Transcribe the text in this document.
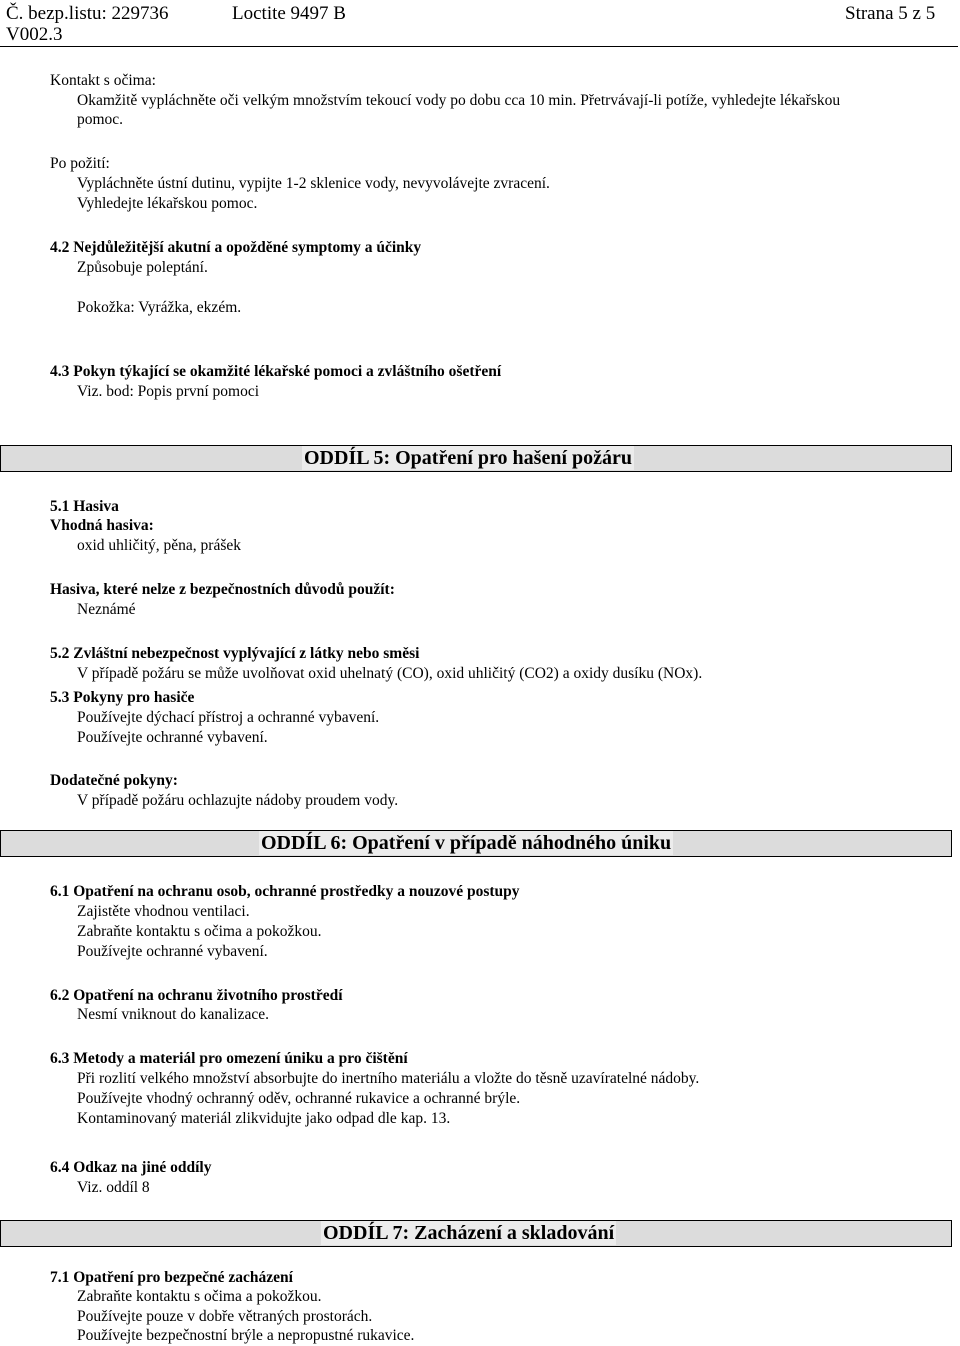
Č. bezp.listu: 229736	Loctite 9497 B	Strana 5 z 5
V002.3
Kontakt s očima:
Okamžitě vypláchněte oči velkým množstvím tekoucí vody po dobu cca 10 min. Přetrvávají-li potíže, vyhledejte lékařskou
pomoc.
Po požití:
Vypláchněte ústní dutinu, vypijte 1-2 sklenice vody, nevyvolávejte zvracení.
Vyhledejte lékařskou pomoc.
4.2 Nejdůležitější akutní a opožděné symptomy a účinky
Způsobuje poleptání.
Pokožka: Vyrážka, ekzém.
4.3 Pokyn týkající se okamžité lékařské pomoci a zvláštního ošetření
Viz. bod: Popis první pomoci
ODDÍL 5: Opatření pro hašení požáru
5.1 Hasiva
Vhodná hasiva:
oxid uhličitý, pěna, prášek
Hasiva, které nelze z bezpečnostních důvodů použít:
Neznámé
5.2 Zvláštní nebezpečnost vyplývající z látky nebo směsi
V případě požáru se může uvolňovat oxid uhelnatý (CO), oxid uhličitý (CO2) a oxidy dusíku (NOx).
5.3 Pokyny pro hasiče
Používejte dýchací přístroj a ochranné vybavení.
Používejte ochranné vybavení.
Dodatečné pokyny:
V případě požáru ochlazujte nádoby proudem vody.
ODDÍL 6: Opatření v případě náhodného úniku
6.1 Opatření na ochranu osob, ochranné prostředky a nouzové postupy
Zajistěte vhodnou ventilaci.
Zabraňte kontaktu s očima a pokožkou.
Používejte ochranné vybavení.
6.2 Opatření na ochranu životního prostředí
Nesmí vniknout do kanalizace.
6.3 Metody a materiál pro omezení úniku a pro čištění
Při rozlití velkého množství absorbujte do inertního materiálu a vložte do těsně uzavíratelné nádoby.
Používejte vhodný ochranný oděv, ochranné rukavice a ochranné brýle.
Kontaminovaný materiál zlikvidujte jako odpad dle kap. 13.
6.4 Odkaz na jiné oddíly
Viz. oddíl 8
ODDÍL 7: Zacházení a skladování
7.1 Opatření pro bezpečné zacházení
Zabraňte kontaktu s očima a pokožkou.
Používejte pouze v dobře větraných prostorách.
Používejte bezpečnostní brýle a nepropustné rukavice.
